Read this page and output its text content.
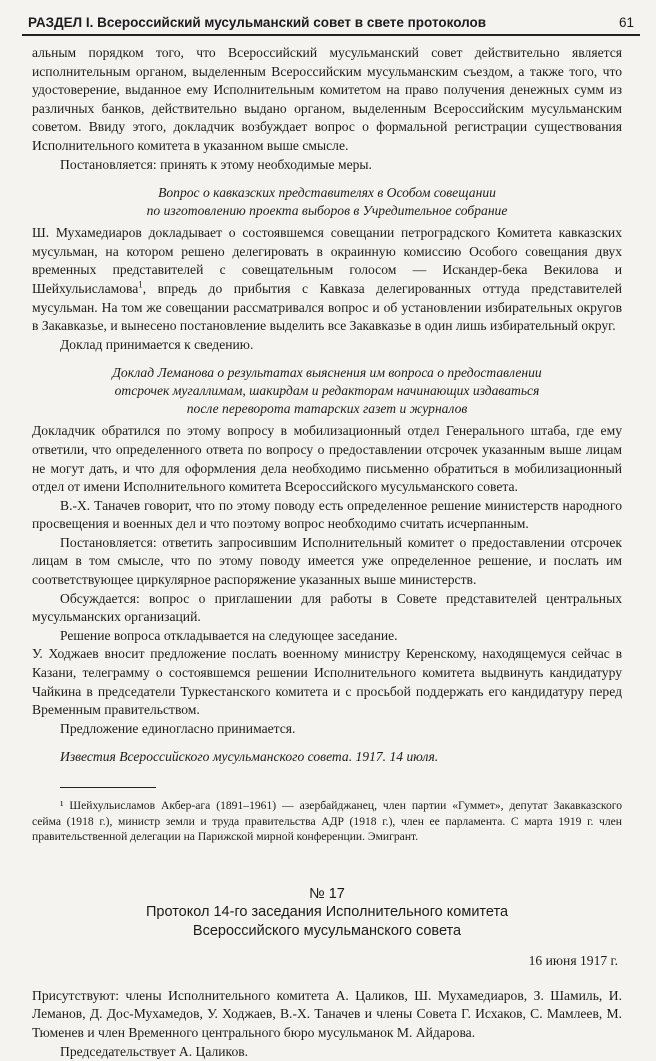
РАЗДЕЛ I. Всероссийский мусульманский совет в свете протоколов	61

альным порядком того, что Всероссийский мусульманский совет действительно является исполнительным органом, выделенным Всероссийским мусульманским съездом, а также того, что удостоверение, выданное ему Исполнительным комитетом на право получения денежных сумм из различных банков, действительно выдано органом, выделенным Всероссийским мусульманским советом. Ввиду этого, докладчик возбуждает вопрос о формальной регистрации существования Исполнительного комитета в указанном выше смысле.

Постановляется: принять к этому необходимые меры.

Вопрос о кавказских представителях в Особом совещании
по изготовлению проекта выборов в Учредительное собрание

Ш. Мухамедиаров докладывает о состоявшемся совещании петроградского Комитета кавказских мусульман, на котором решено делегировать в окраинную комиссию Особого совещания двух временных представителей с совещательным голосом — Искандер-бека Векилова и Шейхульисламова$^1$, впредь до прибытия с Кавказа делегированных оттуда представителей мусульман. На том же совещании рассматривался вопрос и об установлении избирательных округов в Закавказье, и вынесено постановление выделить все Закавказье в один лишь избирательный округ.

Доклад принимается к сведению.

Доклад Леманова о результатах выяснения им вопроса о предоставлении
отсрочек мугаллимам, шакирдам и редакторам начинающих издаваться
после переворота татарских газет и журналов

Докладчик обратился по этому вопросу в мобилизационный отдел Генерального штаба, где ему ответили, что определенного ответа по вопросу о предоставлении отсрочек указанным выше лицам не могут дать, и что для оформления дела необходимо письменно обратиться в мобилизационный отдел от имени Исполнительного комитета Всероссийского мусульманского совета.

В.-Х. Таначев говорит, что по этому поводу есть определенное решение министерств народного просвещения и военных дел и что поэтому вопрос необходимо считать исчерпанным.

Постановляется: ответить запросившим Исполнительный комитет о предоставлении отсрочек лицам в том смысле, что по этому поводу имеется уже определенное решение, и послать им соответствующее циркулярное распоряжение указанных выше министерств.

Обсуждается: вопрос о приглашении для работы в Совете представителей центральных мусульманских организаций.

Решение вопроса откладывается на следующее заседание.

У. Ходжаев вносит предложение послать военному министру Керенскому, находящемуся сейчас в Казани, телеграмму о состоявшемся решении Исполнительного комитета выдвинуть кандидатуру Чайкина в председатели Туркестанского комитета и с просьбой поддержать его кандидатуру перед Временным правительством.

Предложение единогласно принимается.

Известия Всероссийского мусульманского совета. 1917. 14 июля.

¹ Шейхульисламов Акбер-ага (1891–1961) — азербайджанец, член партии «Гуммет», депутат Закавказского сейма (1918 г.), министр земли и труда правительства АДР (1918 г.), член ее парламента. С марта 1919 г. член правительственной делегации на Парижской мирной конференции. Эмигрант.

№ 17
Протокол 14-го заседания Исполнительного комитета
Всероссийского мусульманского совета

16 июня 1917 г.

Присутствуют: члены Исполнительного комитета А. Цаликов, Ш. Мухамедиаров, З. Шамиль, И. Леманов, Д. Дос-Мухамедов, У. Ходжаев, В.-Х. Таначев и члены Совета Г. Исхаков, С. Мамлеев, М. Тюменев и член Временного центрального бюро мусульманок М. Айдарова.

Председательствует А. Цаликов.
